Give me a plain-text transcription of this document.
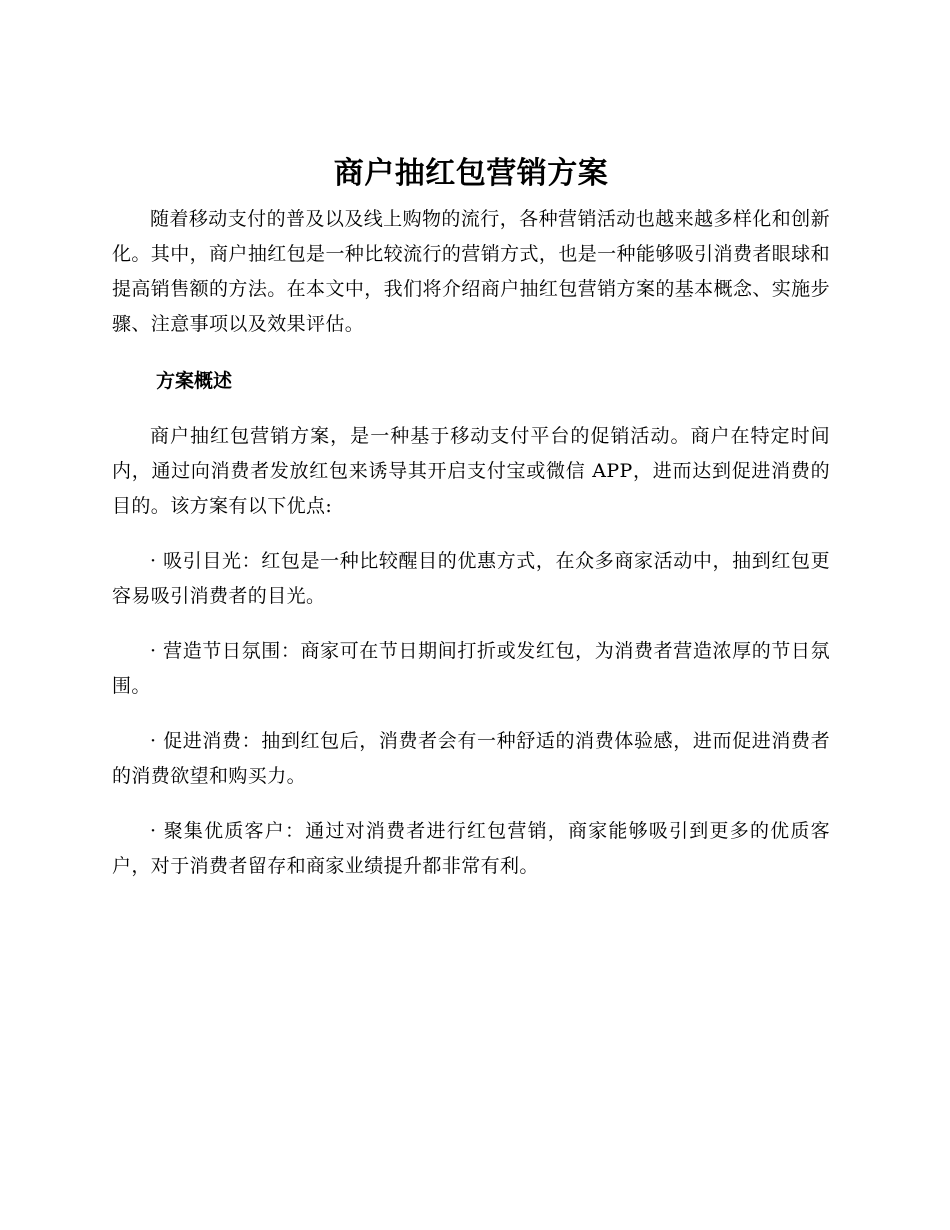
商户抽红包营销方案

随着移动支付的普及以及线上购物的流行，各种营销活动也越来越多样化和创新化。其中，商户抽红包是一种比较流行的营销方式，也是一种能够吸引消费者眼球和提高销售额的方法。在本文中，我们将介绍商户抽红包营销方案的基本概念、实施步骤、注意事项以及效果评估。

方案概述

商户抽红包营销方案，是一种基于移动支付平台的促销活动。商户在特定时间内，通过向消费者发放红包来诱导其开启支付宝或微信 APP，进而达到促进消费的目的。该方案有以下优点:

· 吸引目光：红包是一种比较醒目的优惠方式，在众多商家活动中，抽到红包更容易吸引消费者的目光。

· 营造节日氛围：商家可在节日期间打折或发红包，为消费者营造浓厚的节日氛围。

· 促进消费：抽到红包后，消费者会有一种舒适的消费体验感，进而促进消费者的消费欲望和购买力。

· 聚集优质客户：通过对消费者进行红包营销，商家能够吸引到更多的优质客户，对于消费者留存和商家业绩提升都非常有利。
